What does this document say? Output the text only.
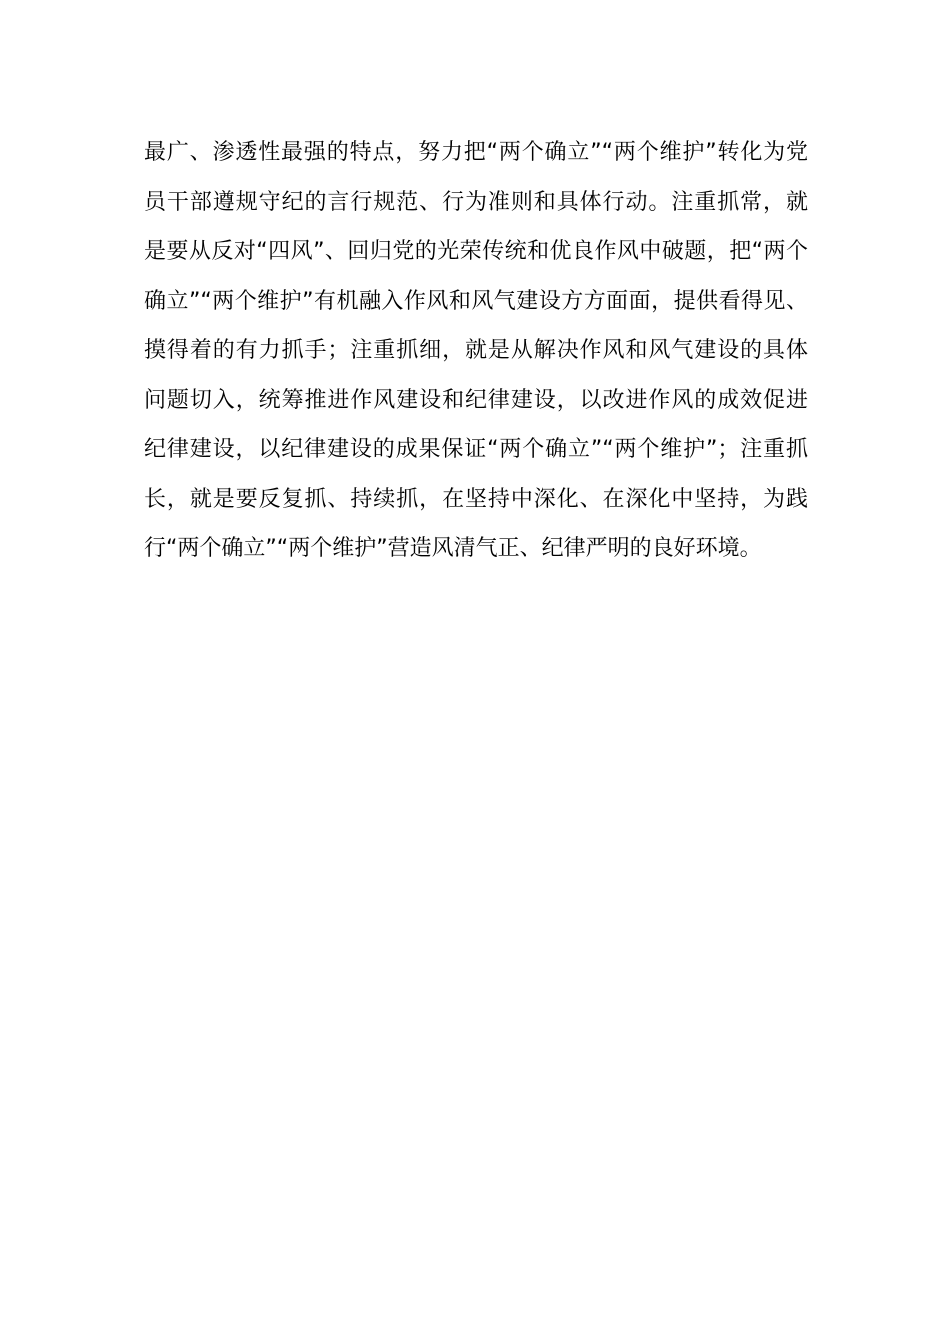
最广、渗透性最强的特点，努力把“两个确立”“两个维护”转化为党
员干部遵规守纪的言行规范、行为准则和具体行动。注重抓常，就
是要从反对“四风”、回归党的光荣传统和优良作风中破题，把“两个
确立”“两个维护”有机融入作风和风气建设方方面面，提供看得见、
摸得着的有力抓手；注重抓细，就是从解决作风和风气建设的具体
问题切入，统筹推进作风建设和纪律建设，以改进作风的成效促进
纪律建设，以纪律建设的成果保证“两个确立”“两个维护”；注重抓
长，就是要反复抓、持续抓，在坚持中深化、在深化中坚持，为践
行“两个确立”“两个维护”营造风清气正、纪律严明的良好环境。
